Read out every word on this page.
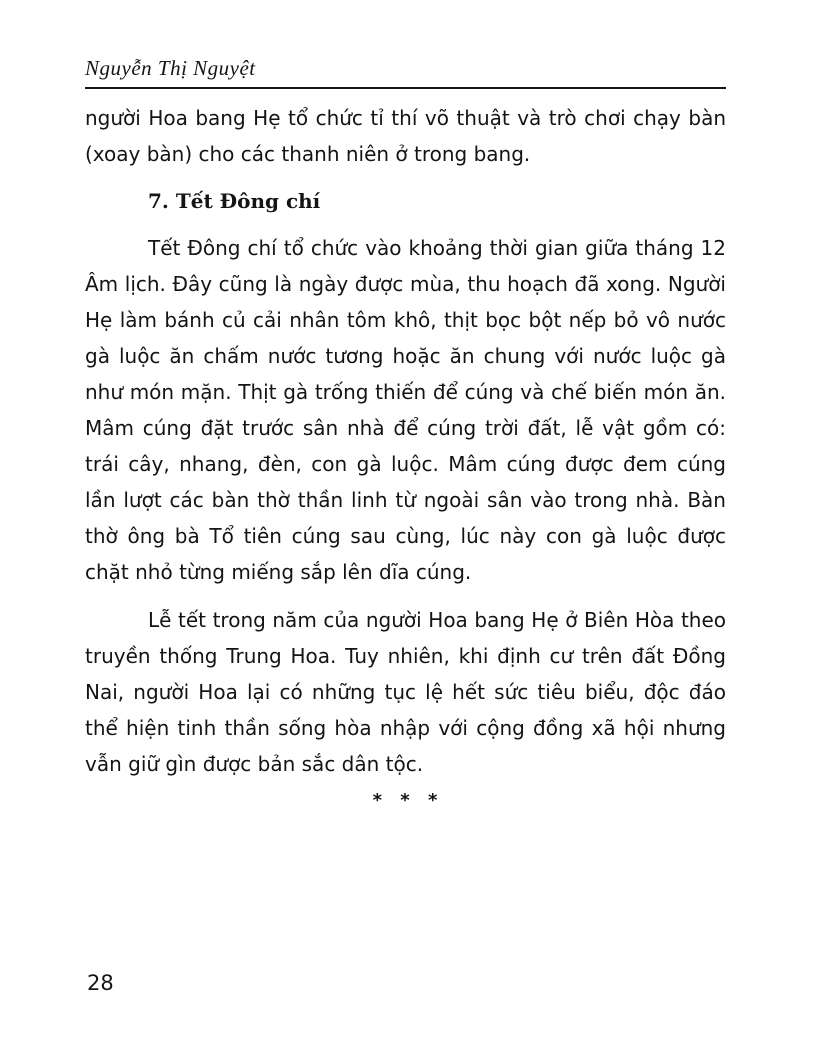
Nguyễn Thị Nguyệt

người Hoa bang Hẹ tổ chức tỉ thí võ thuật và trò chơi chạy bàn (xoay bàn) cho các thanh niên ở trong bang.

7. Tết Đông chí

Tết Đông chí tổ chức vào khoảng thời gian giữa tháng 12 Âm lịch. Đây cũng là ngày được mùa, thu hoạch đã xong. Người Hẹ làm bánh củ cải nhân tôm khô, thịt bọc bột nếp bỏ vô nước gà luộc ăn chấm nước tương hoặc ăn chung với nước luộc gà như món mặn. Thịt gà trống thiến để cúng và chế biến món ăn. Mâm cúng đặt trước sân nhà để cúng trời đất, lễ vật gồm có: trái cây, nhang, đèn, con gà luộc. Mâm cúng được đem cúng lần lượt các bàn thờ thần linh từ ngoài sân vào trong nhà. Bàn thờ ông bà Tổ tiên cúng sau cùng, lúc này con gà luộc được chặt nhỏ từng miếng sắp lên dĩa cúng.

Lễ tết trong năm của người Hoa bang Hẹ ở Biên Hòa theo truyền thống Trung Hoa. Tuy nhiên, khi định cư trên đất Đồng Nai, người Hoa lại có những tục lệ hết sức tiêu biểu, độc đáo thể hiện tinh thần sống hòa nhập với cộng đồng xã hội nhưng vẫn giữ gìn được bản sắc dân tộc.

* * *
28
